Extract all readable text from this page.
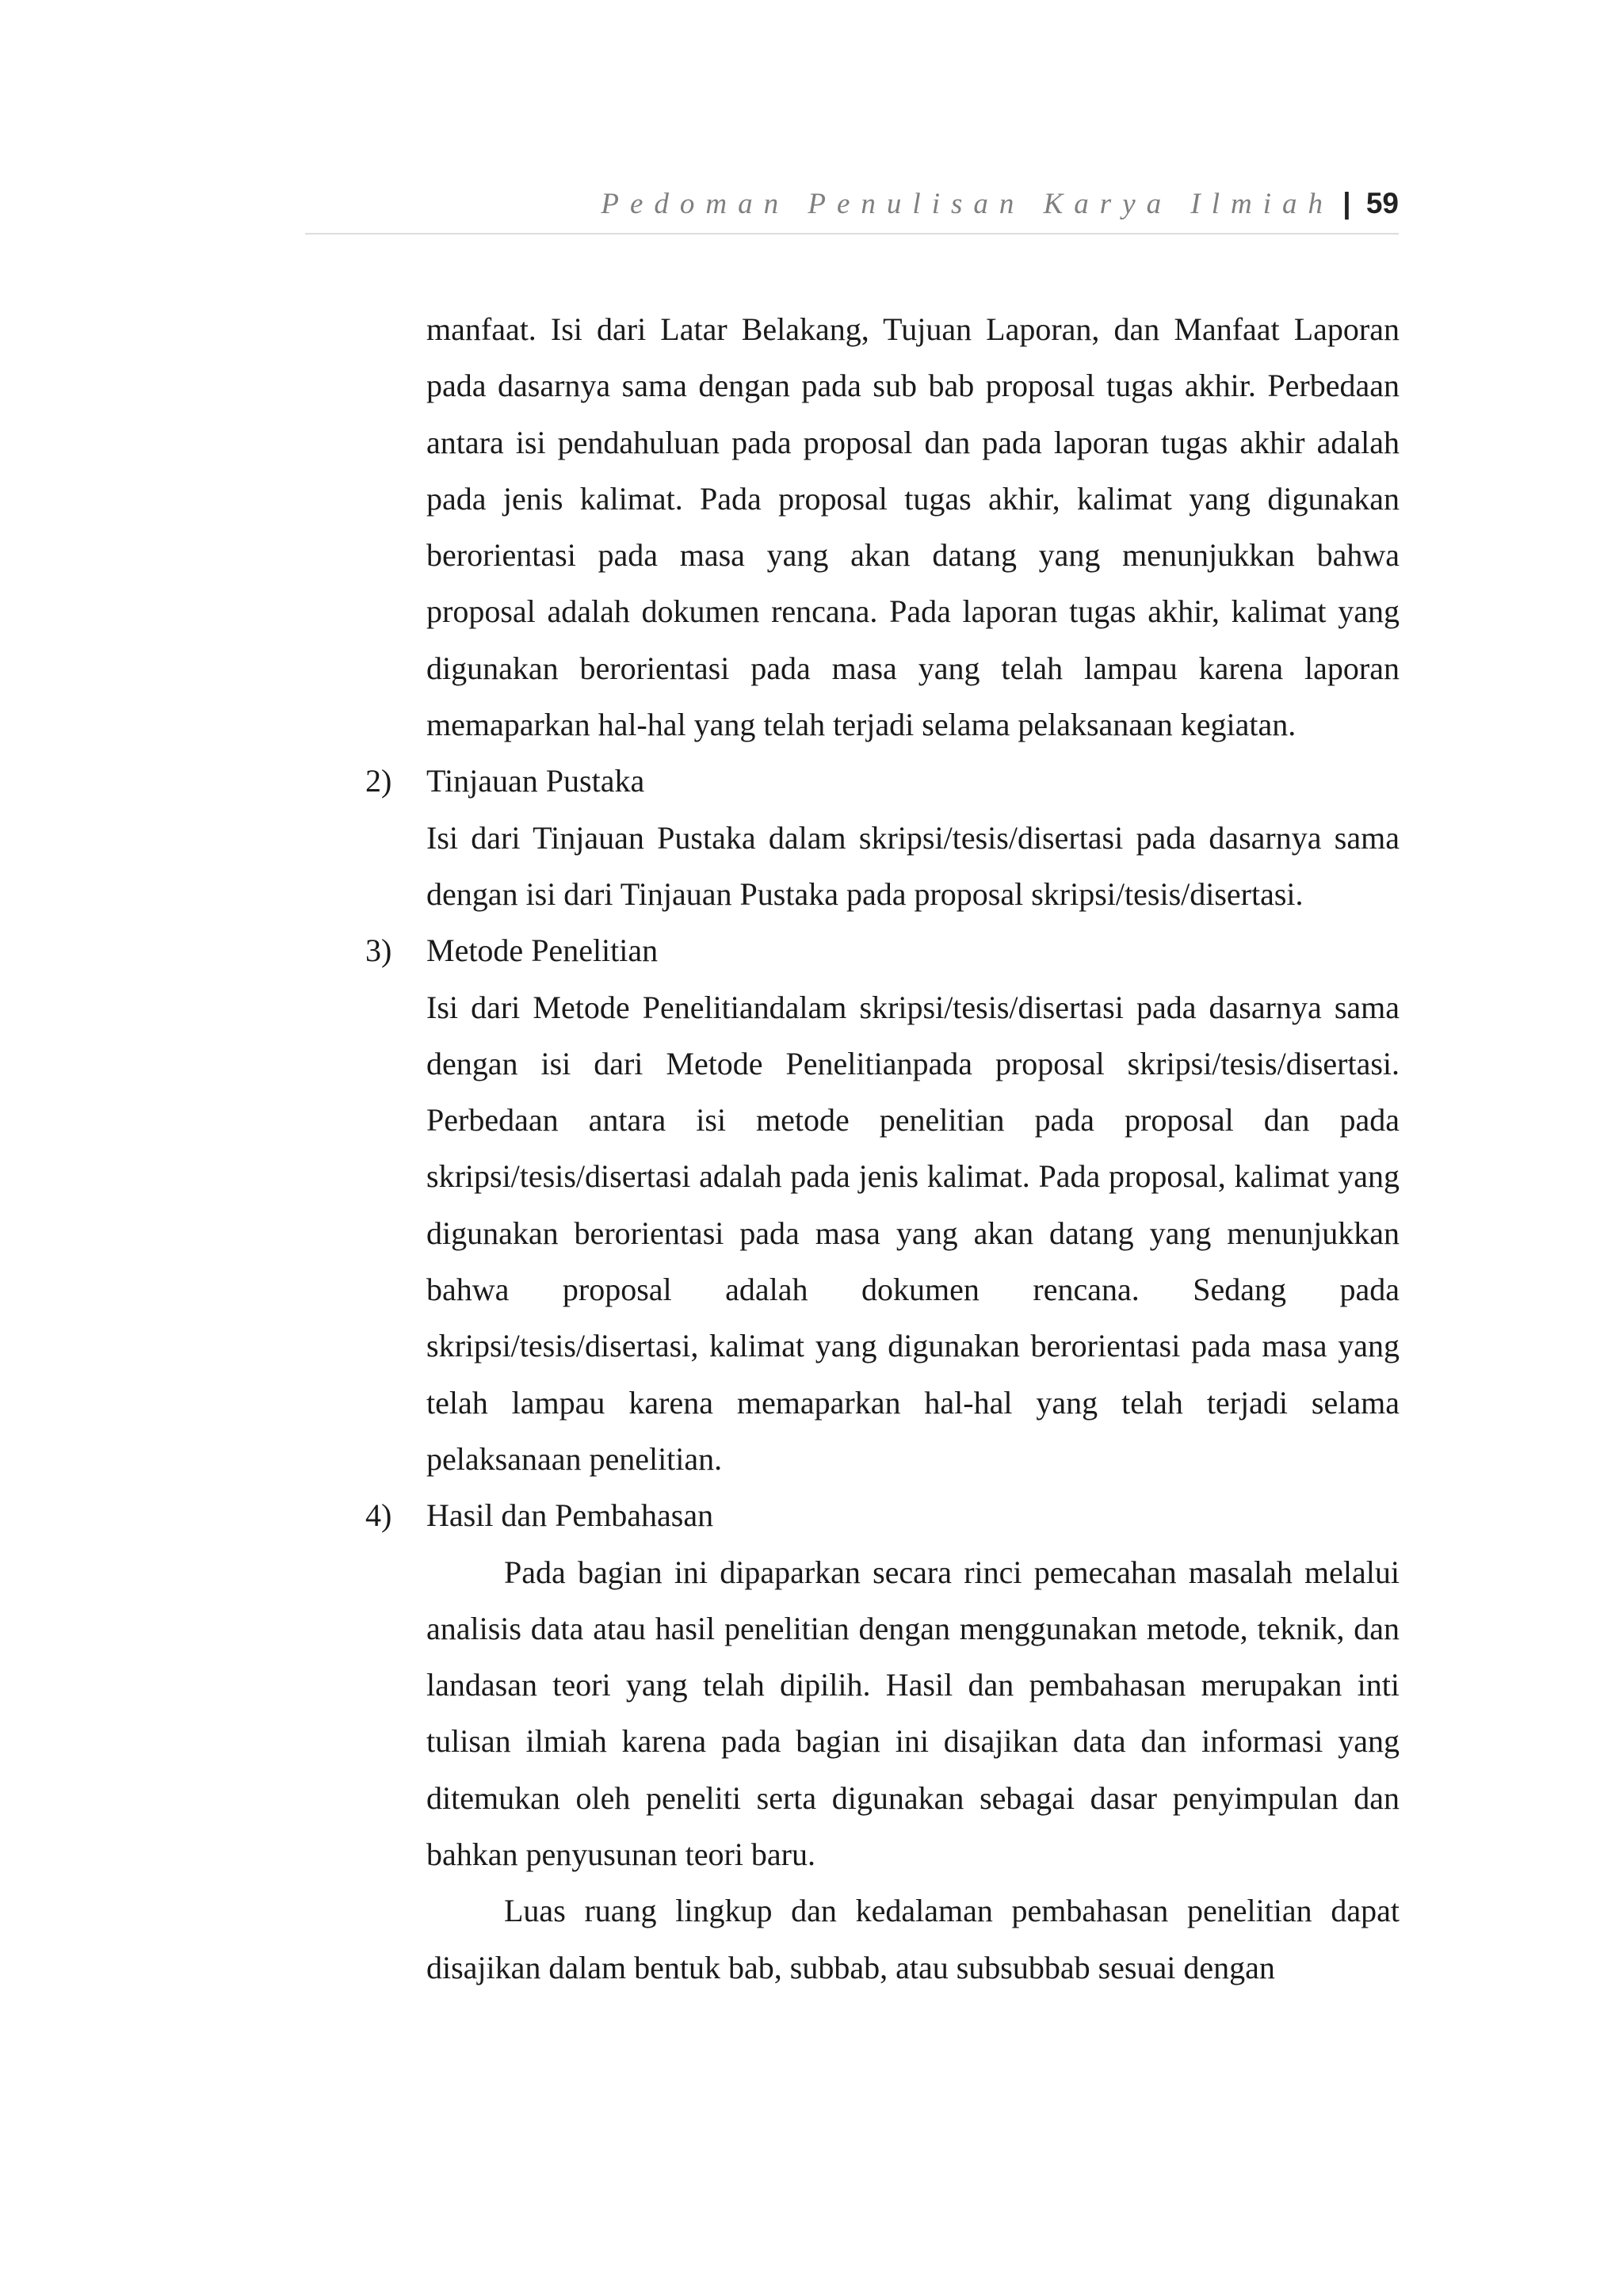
Pedoman Penulisan Karya Ilmiah | 59

manfaat. Isi dari Latar Belakang, Tujuan Laporan, dan Manfaat Laporan pada dasarnya sama dengan pada sub bab proposal tugas akhir. Perbedaan antara isi pendahuluan pada proposal dan pada laporan tugas akhir adalah pada jenis kalimat. Pada proposal tugas akhir, kalimat yang digunakan berorientasi pada masa yang akan datang yang menunjukkan bahwa proposal adalah dokumen rencana. Pada laporan tugas akhir, kalimat yang digunakan berorientasi pada masa yang telah lampau karena laporan memaparkan hal-hal yang telah terjadi selama pelaksanaan kegiatan.

2) Tinjauan Pustaka

Isi dari Tinjauan Pustaka dalam skripsi/tesis/disertasi pada dasarnya sama dengan isi dari Tinjauan Pustaka pada proposal skripsi/tesis/disertasi.

3) Metode Penelitian

Isi dari Metode Penelitiandalam skripsi/tesis/disertasi pada dasarnya sama dengan isi dari Metode Penelitianpada proposal skripsi/tesis/disertasi. Perbedaan antara isi metode penelitian pada proposal dan pada skripsi/tesis/disertasi adalah pada jenis kalimat. Pada proposal, kalimat yang digunakan berorientasi pada masa yang akan datang yang menunjukkan bahwa proposal adalah dokumen rencana. Sedang pada skripsi/tesis/disertasi, kalimat yang digunakan berorientasi pada masa yang telah lampau karena memaparkan hal-hal yang telah terjadi selama pelaksanaan penelitian.

4) Hasil dan Pembahasan

Pada bagian ini dipaparkan secara rinci pemecahan masalah melalui analisis data atau hasil penelitian dengan menggunakan metode, teknik, dan landasan teori yang telah dipilih. Hasil dan pembahasan merupakan inti tulisan ilmiah karena pada bagian ini disajikan data dan informasi yang ditemukan oleh peneliti serta digunakan sebagai dasar penyimpulan dan bahkan penyusunan teori baru.

Luas ruang lingkup dan kedalaman pembahasan penelitian dapat disajikan dalam bentuk bab, subbab, atau subsubbab sesuai dengan
